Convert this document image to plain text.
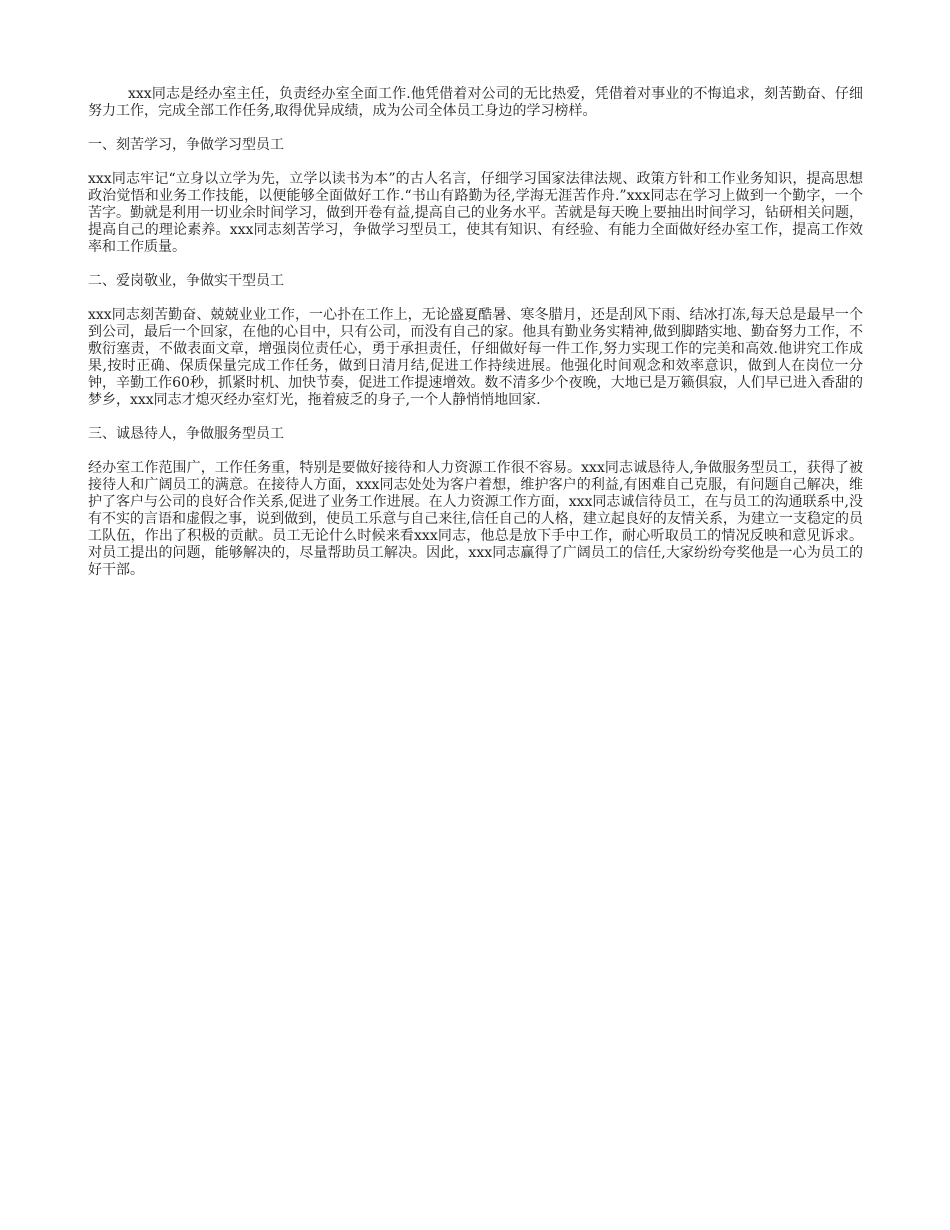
xxx同志是经办室主任，负责经办室全面工作.他凭借着对公司的无比热爱，凭借着对事业的不悔追求，刻苦勤奋、仔细努力工作，完成全部工作任务,取得优异成绩，成为公司全体员工身边的学习榜样。

一、刻苦学习，争做学习型员工

xxx同志牢记“立身以立学为先，立学以读书为本”的古人名言，仔细学习国家法律法规、政策方针和工作业务知识，提高思想政治觉悟和业务工作技能，以便能够全面做好工作.“书山有路勤为径,学海无涯苦作舟.”xxx同志在学习上做到一个勤字，一个苦字。勤就是利用一切业余时间学习，做到开卷有益,提高自己的业务水平。苦就是每天晚上要抽出时间学习，钻研相关问题，提高自己的理论素养。xxx同志刻苦学习，争做学习型员工，使其有知识、有经验、有能力全面做好经办室工作，提高工作效率和工作质量。

二、爱岗敬业，争做实干型员工

xxx同志刻苦勤奋、兢兢业业工作，一心扑在工作上，无论盛夏酷暑、寒冬腊月，还是刮风下雨、结冰打冻,每天总是最早一个到公司，最后一个回家，在他的心目中，只有公司，而没有自己的家。他具有勤业务实精神,做到脚踏实地、勤奋努力工作，不敷衍塞责，不做表面文章，增强岗位责任心，勇于承担责任，仔细做好每一件工作,努力实现工作的完美和高效.他讲究工作成果,按时正确、保质保量完成工作任务，做到日清月结,促进工作持续进展。他强化时间观念和效率意识，做到人在岗位一分钟，辛勤工作60秒，抓紧时机、加快节奏，促进工作提速增效。数不清多少个夜晚，大地已是万籁俱寂，人们早已进入香甜的梦乡，xxx同志才熄灭经办室灯光，拖着疲乏的身子,一个人静悄悄地回家.

三、诚恳待人，争做服务型员工

经办室工作范围广，工作任务重，特别是要做好接待和人力资源工作很不容易。xxx同志诚恳待人,争做服务型员工，获得了被接待人和广阔员工的满意。在接待人方面，xxx同志处处为客户着想，维护客户的利益,有困难自己克服，有问题自己解决，维护了客户与公司的良好合作关系,促进了业务工作进展。在人力资源工作方面，xxx同志诚信待员工，在与员工的沟通联系中,没有不实的言语和虚假之事，说到做到，使员工乐意与自己来往,信任自己的人格，建立起良好的友情关系，为建立一支稳定的员工队伍，作出了积极的贡献。员工无论什么时候来看xxx同志，他总是放下手中工作，耐心听取员工的情况反映和意见诉求。对员工提出的问题，能够解决的，尽量帮助员工解决。因此，xxx同志赢得了广阔员工的信任,大家纷纷夸奖他是一心为员工的好干部。
